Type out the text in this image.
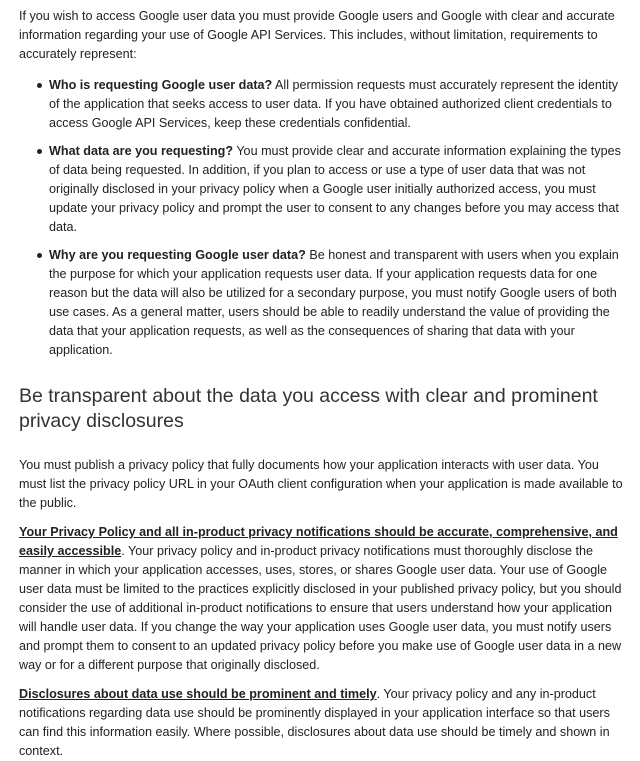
If you wish to access Google user data you must provide Google users and Google with clear and accurate information regarding your use of Google API Services. This includes, without limitation, requirements to accurately represent:

Who is requesting Google user data? All permission requests must accurately represent the identity of the application that seeks access to user data. If you have obtained authorized client credentials to access Google API Services, keep these credentials confidential.
What data are you requesting? You must provide clear and accurate information explaining the types of data being requested. In addition, if you plan to access or use a type of user data that was not originally disclosed in your privacy policy when a Google user initially authorized access, you must update your privacy policy and prompt the user to consent to any changes before you may access that data.
Why are you requesting Google user data? Be honest and transparent with users when you explain the purpose for which your application requests user data. If your application requests data for one reason but the data will also be utilized for a secondary purpose, you must notify Google users of both use cases. As a general matter, users should be able to readily understand the value of providing the data that your application requests, as well as the consequences of sharing that data with your application.
Be transparent about the data you access with clear and prominent privacy disclosures

You must publish a privacy policy that fully documents how your application interacts with user data. You must list the privacy policy URL in your OAuth client configuration when your application is made available to the public.

Your Privacy Policy and all in-product privacy notifications should be accurate, comprehensive, and easily accessible. Your privacy policy and in-product privacy notifications must thoroughly disclose the manner in which your application accesses, uses, stores, or shares Google user data. Your use of Google user data must be limited to the practices explicitly disclosed in your published privacy policy, but you should consider the use of additional in-product notifications to ensure that users understand how your application will handle user data. If you change the way your application uses Google user data, you must notify users and prompt them to consent to an updated privacy policy before you make use of Google user data in a new way or for a different purpose that originally disclosed.

Disclosures about data use should be prominent and timely. Your privacy policy and any in-product notifications regarding data use should be prominently displayed in your application interface so that users can find this information easily. Where possible, disclosures about data use should be timely and shown in context.
